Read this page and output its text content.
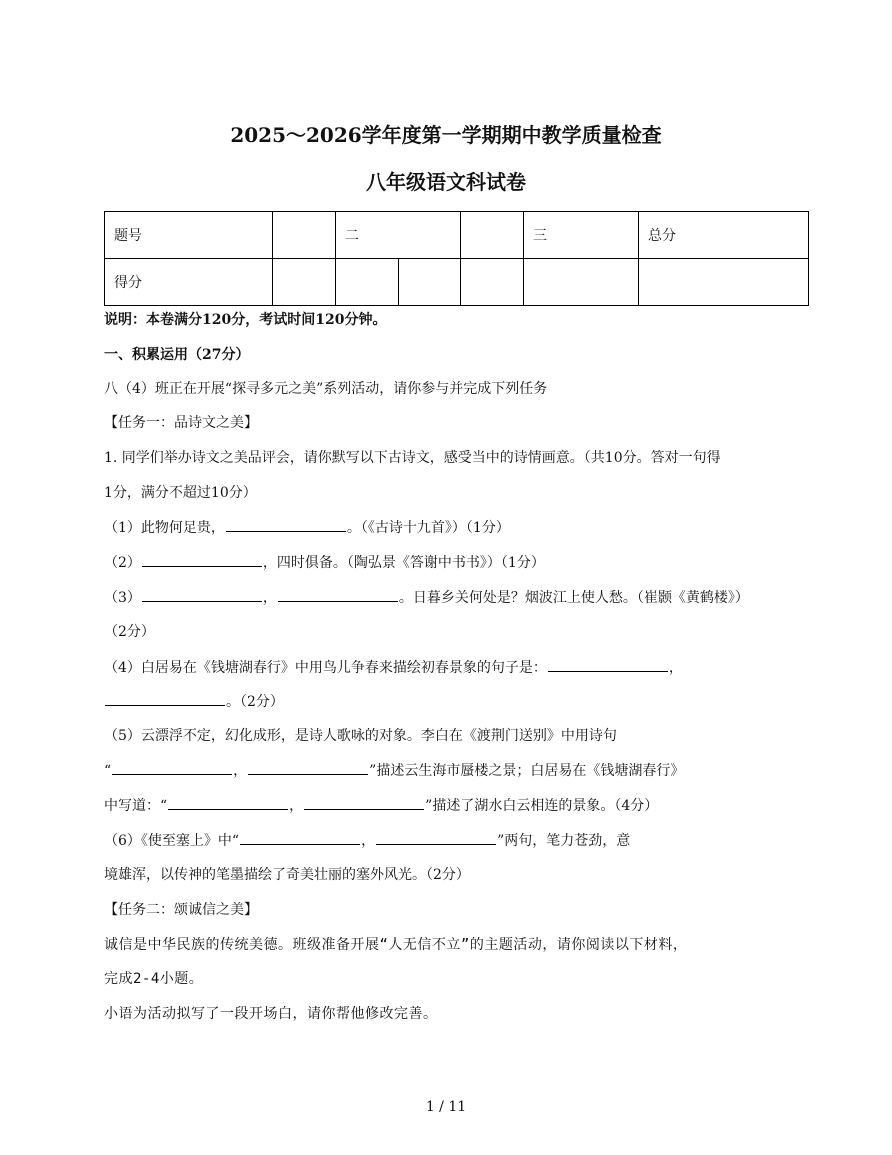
2025～2026学年度第一学期期中教学质量检查
八年级语文科试卷
题号		二			三	总分
得分						
说明：本卷满分120分，考试时间120分钟。
一、积累运用（27分）
八（4）班正在开展“探寻多元之美”系列活动，请你参与并完成下列任务
【任务一：品诗文之美】
1. 同学们举办诗文之美品评会，请你默写以下古诗文，感受当中的诗情画意。（共10分。答对一句得
1分，满分不超过10分）
（1）此物何足贵，	。（《古诗十九首》）（1分）
（2）	，四时俱备。（陶弘景《答谢中书书》）（1分）
（3）	，	。日暮乡关何处是？烟波江上使人愁。（崔颢《黄鹤楼》）
（2分）
（4）白居易在《钱塘湖春行》中用鸟儿争春来描绘初春景象的句子是：	，
。（2分）
（5）云漂浮不定，幻化成形，是诗人歌咏的对象。李白在《渡荆门送别》中用诗句
“	，	”描述云生海市蜃楼之景；白居易在《钱塘湖春行》
中写道：“	，	”描述了湖水白云相连的景象。（4分）
（6）《使至塞上》中“	，	”两句，笔力苍劲，意
境雄浑，以传神的笔墨描绘了奇美壮丽的塞外风光。（2分）
【任务二：颂诚信之美】
诚信是中华民族的传统美德。班级准备开展“人无信不立”的主题活动，请你阅读以下材料，
完成2-4小题。
小语为活动拟写了一段开场白，请你帮他修改完善。
1 / 11
